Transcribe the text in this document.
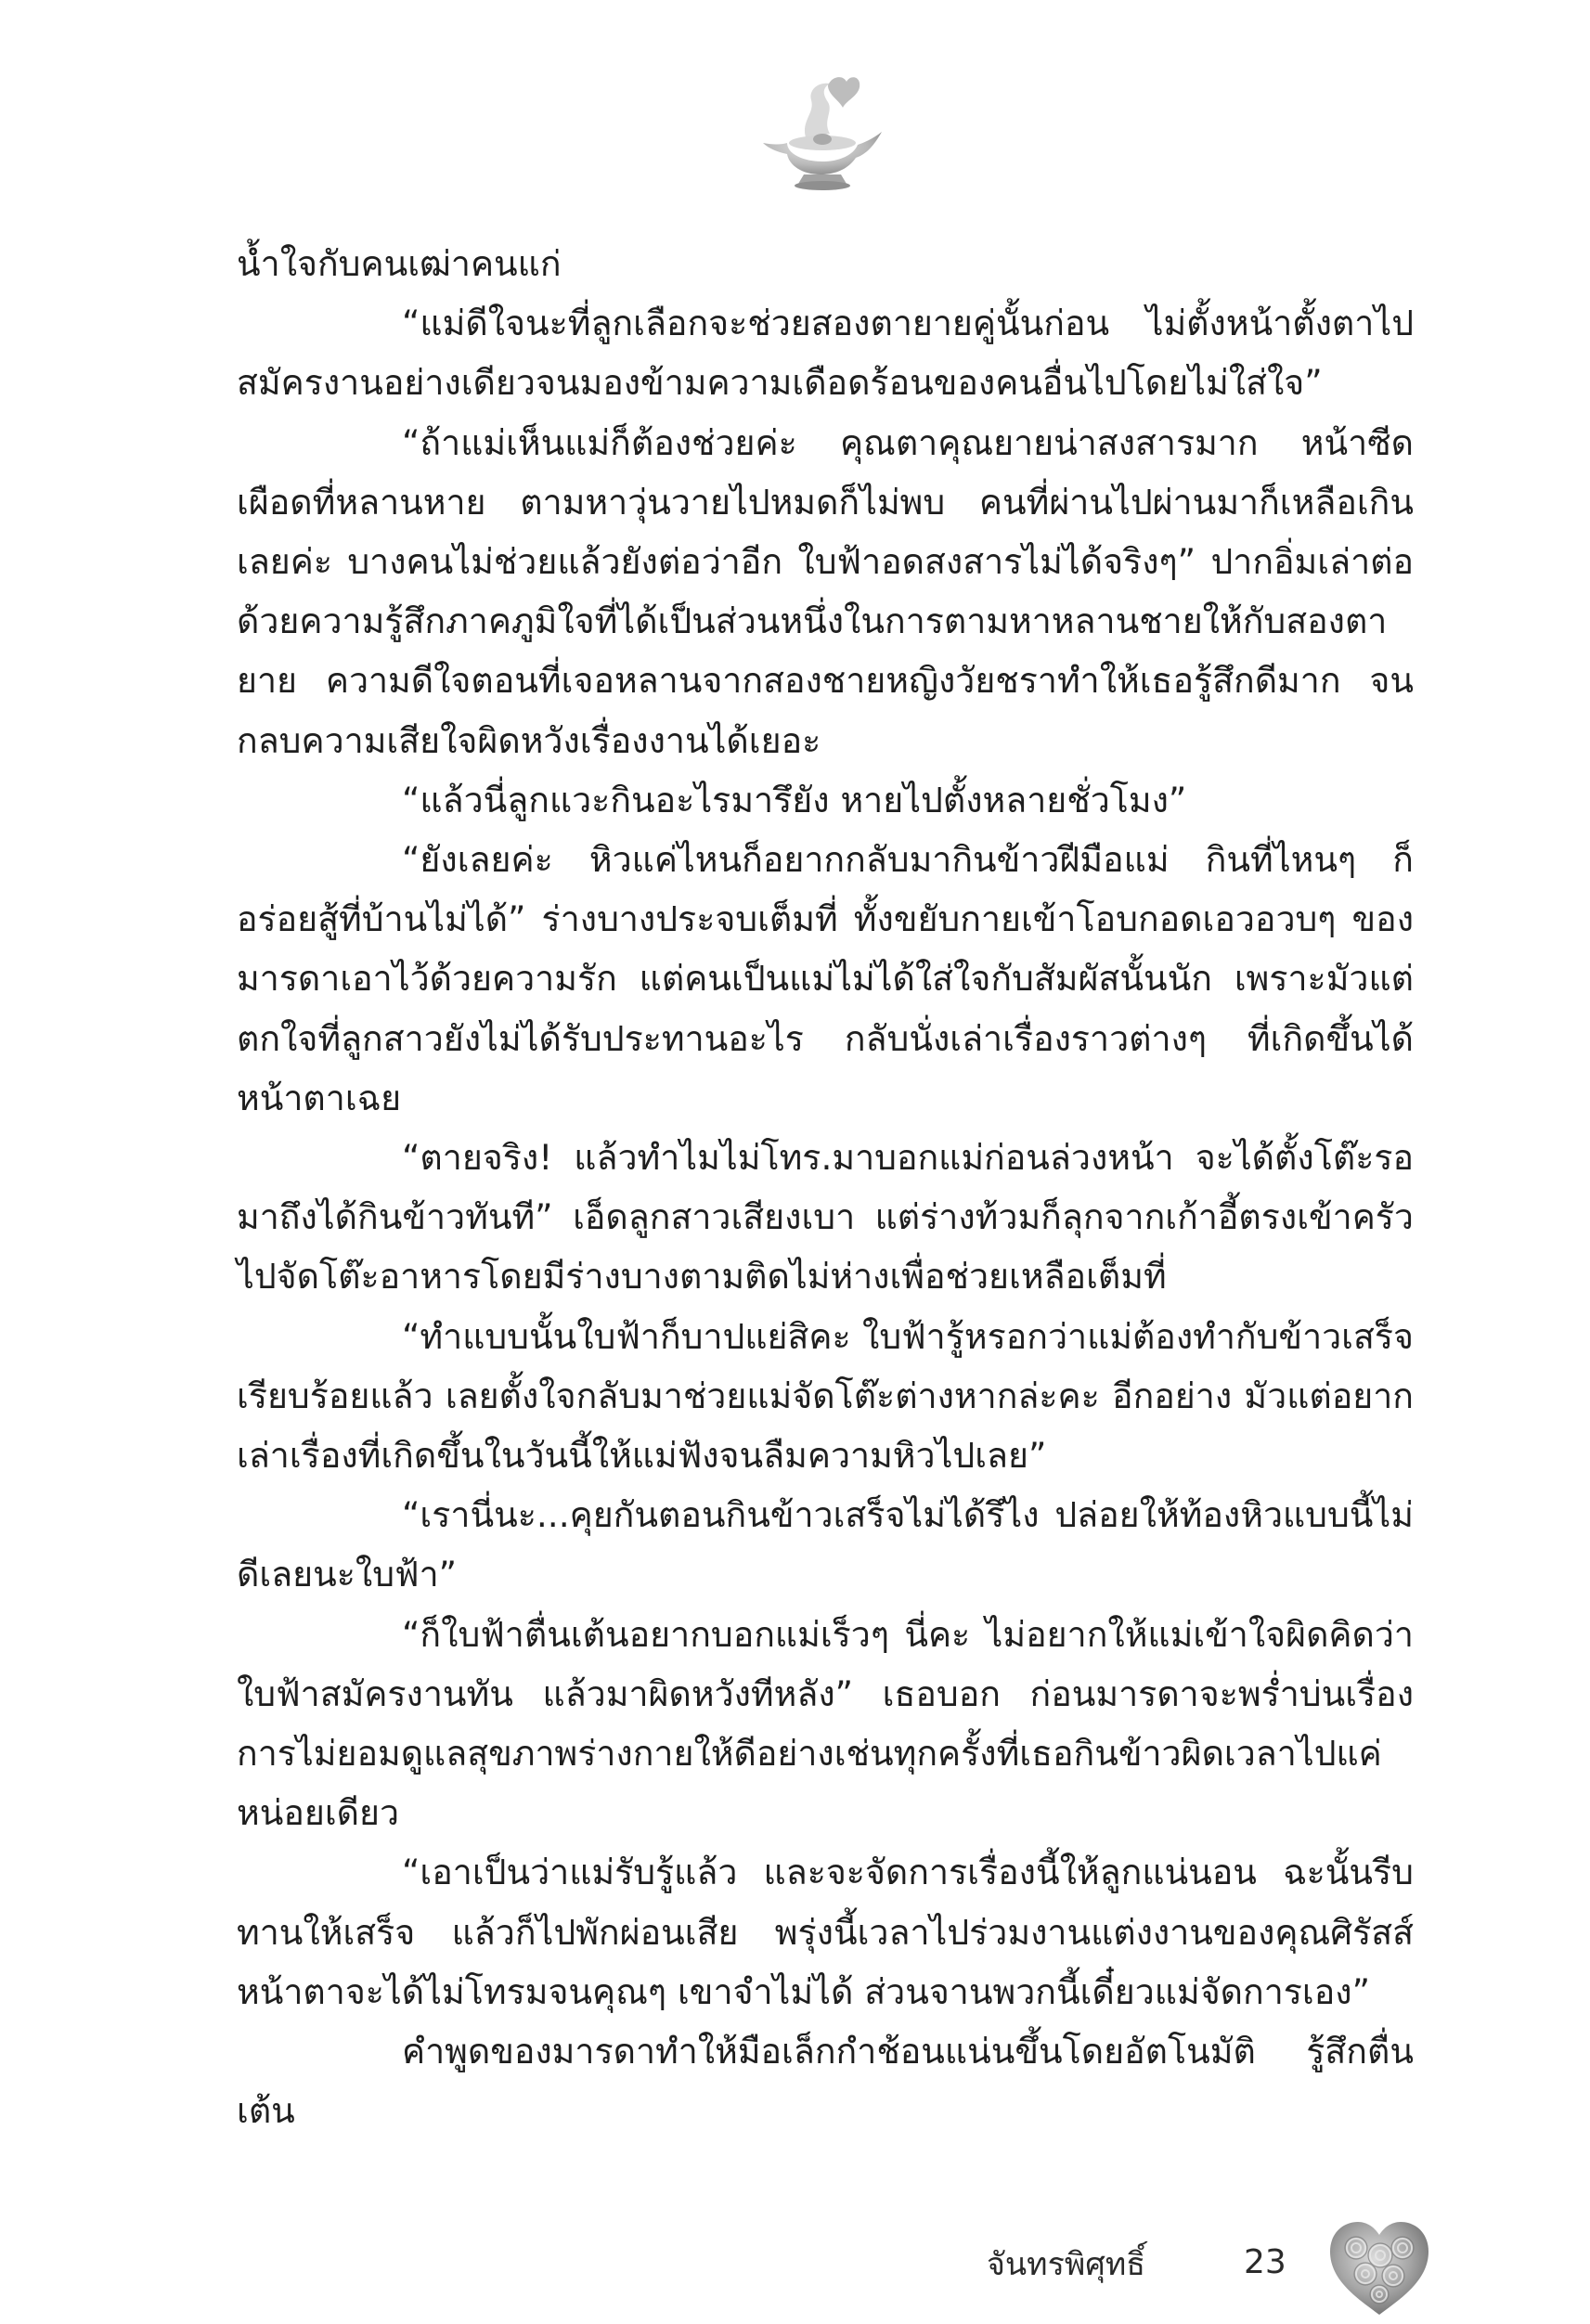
น้ำใจกับคนเฒ่าคนแก่

“แม่ดีใจนะที่ลูกเลือกจะช่วยสองตายายคู่นั้นก่อน ไม่ตั้งหน้าตั้งตาไปสมัครงานอย่างเดียวจนมองข้ามความเดือดร้อนของคนอื่นไปโดยไม่ใส่ใจ”

“ถ้าแม่เห็นแม่ก็ต้องช่วยค่ะ คุณตาคุณยายน่าสงสารมาก หน้าซีดเผือดที่หลานหาย ตามหาวุ่นวายไปหมดก็ไม่พบ คนที่ผ่านไปผ่านมาก็เหลือเกินเลยค่ะ บางคนไม่ช่วยแล้วยังต่อว่าอีก ใบฟ้าอดสงสารไม่ได้จริงๆ” ปากอิ่มเล่าต่อด้วยความรู้สึกภาคภูมิใจที่ได้เป็นส่วนหนึ่งในการตามหาหลานชายให้กับสองตายาย ความดีใจตอนที่เจอหลานจากสองชายหญิงวัยชราทำให้เธอรู้สึกดีมาก จนกลบความเสียใจผิดหวังเรื่องงานได้เยอะ

“แล้วนี่ลูกแวะกินอะไรมารึยัง หายไปตั้งหลายชั่วโมง”

“ยังเลยค่ะ หิวแค่ไหนก็อยากกลับมากินข้าวฝีมือแม่ กินที่ไหนๆ ก็อร่อยสู้ที่บ้านไม่ได้” ร่างบางประจบเต็มที่ ทั้งขยับกายเข้าโอบกอดเอวอวบๆ ของมารดาเอาไว้ด้วยความรัก แต่คนเป็นแม่ไม่ได้ใส่ใจกับสัมผัสนั้นนัก เพราะมัวแต่ตกใจที่ลูกสาวยังไม่ได้รับประทานอะไร กลับนั่งเล่าเรื่องราวต่างๆ ที่เกิดขึ้นได้หน้าตาเฉย

“ตายจริง! แล้วทำไมไม่โทร.มาบอกแม่ก่อนล่วงหน้า จะได้ตั้งโต๊ะรอมาถึงได้กินข้าวทันที” เอ็ดลูกสาวเสียงเบา แต่ร่างท้วมก็ลุกจากเก้าอี้ตรงเข้าครัวไปจัดโต๊ะอาหารโดยมีร่างบางตามติดไม่ห่างเพื่อช่วยเหลือเต็มที่

“ทำแบบนั้นใบฟ้าก็บาปแย่สิคะ ใบฟ้ารู้หรอกว่าแม่ต้องทำกับข้าวเสร็จเรียบร้อยแล้ว เลยตั้งใจกลับมาช่วยแม่จัดโต๊ะต่างหากล่ะคะ อีกอย่าง มัวแต่อยากเล่าเรื่องที่เกิดขึ้นในวันนี้ให้แม่ฟังจนลืมความหิวไปเลย”

“เรานี่นะ...คุยกันตอนกินข้าวเสร็จไม่ได้รึไง ปล่อยให้ท้องหิวแบบนี้ไม่ดีเลยนะใบฟ้า”

“ก็ใบฟ้าตื่นเต้นอยากบอกแม่เร็วๆ นี่คะ ไม่อยากให้แม่เข้าใจผิดคิดว่าใบฟ้าสมัครงานทัน แล้วมาผิดหวังทีหลัง” เธอบอก ก่อนมารดาจะพร่ำบ่นเรื่องการไม่ยอมดูแลสุขภาพร่างกายให้ดีอย่างเช่นทุกครั้งที่เธอกินข้าวผิดเวลาไปแค่หน่อยเดียว

“เอาเป็นว่าแม่รับรู้แล้ว และจะจัดการเรื่องนี้ให้ลูกแน่นอน ฉะนั้นรีบทานให้เสร็จ แล้วก็ไปพักผ่อนเสีย พรุ่งนี้เวลาไปร่วมงานแต่งงานของคุณศิรัสส์ หน้าตาจะได้ไม่โทรมจนคุณๆ เขาจำไม่ได้ ส่วนจานพวกนี้เดี๋ยวแม่จัดการเอง”

คำพูดของมารดาทำให้มือเล็กกำช้อนแน่นขึ้นโดยอัตโนมัติ รู้สึกตื่นเต้น

จันทรพิศุทธิ์	23
